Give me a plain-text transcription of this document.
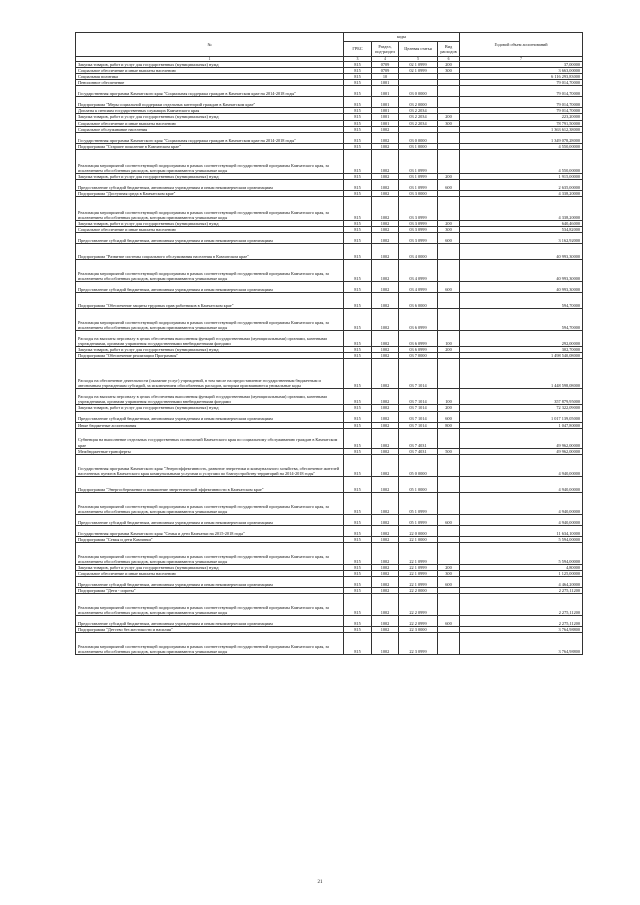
№	коды				Годовой объем ассигнований
	ГРБС	Раздел, под-раздел	Целевая статья	Вид расходов	
1	3	4	5	6	7
Закупка товаров, работ и услуг для государственных (муниципальных) нужд	815	0709	02 1 0999	200	37,00000
Социальное обеспечение и иные выплаты населению	815	0709	02 1 0999	300	3 663,00000
Социальная политика	815	10			6 116 293,83000
Пенсионное обеспечение	815	1001			79 014,70000
Государственная программа Камчатского края "Социальная поддержка граждан в Камчатском крае на 2014-2018 годы"	815	1001	03 0 0000		79 014,70000
Подпрограмма "Меры социальной поддержки отдельных категорий граждан в Камчатском крае"	815	1001	03 2 0000		79 014,70000
Доплаты к пенсиям государственных служащих Камчатского края	815	1001	03 2 2034		79 014,70000
Закупка товаров, работ и услуг для государственных (муниципальных) нужд	815	1001	03 2 2034	200	223,20000
Социальное обеспечение и иные выплаты населению	815	1001	03 2 2034	300	78 791,50000
Социальное обслуживание населения	815	1002			1 363 612,38000
Государственная программа Камчатского края "Социальная поддержка граждан в Камчатском крае на 2014-2018 годы"	815	1002	03 0 0000		1 349 078,28000
Подпрограмма "Старшее поколение в Камчатском крае"	815	1002	03 1 0000		4 550,00000
Реализация мероприятий соответствующей подпрограммы в рамках соответствующей государственной программы Камчатского края, за исключением обособленных расходов, которым присваиваются уникальные коды	815	1002	03 1 0999		4 550,00000
Закупка товаров, работ и услуг для государственных (муниципальных) нужд	815	1002	03 1 0999	200	1 915,00000
Предоставление субсидий бюджетным, автономным учреждениям и иным некоммерческим организациям	815	1002	03 1 0999	600	2 635,00000
Подпрограмма "Доступная среда в Камчатском крае"	815	1002	03 3 0000		4 338,20000
Реализация мероприятий соответствующей подпрограммы в рамках соответствующей государственной программы Камчатского края, за исключением обособленных расходов, которым присваиваются уникальные коды	815	1002	03 3 0999		4 338,20000
Закупка товаров, работ и услуг для государственных (муниципальных) нужд	815	1002	03 3 0999	200	640,46000
Социальное обеспечение и иные выплаты населению	815	1002	03 3 0999	300	534,82000
Предоставление субсидий бюджетным, автономным учреждениям и иным некоммерческим организациям	815	1002	03 3 0999	600	3 162,92000
Подпрограмма "Развитие системы социального обслуживания населения в Камчатском крае"	815	1002	03 4 0000		40 993,30000
Реализация мероприятий соответствующей подпрограммы в рамках соответствующей государственной программы Камчатского края, за исключением обособленных расходов, которым присваиваются уникальные коды	815	1002	03 4 0999		40 993,30000
Предоставление субсидий бюджетным, автономным учреждениям и иным некоммерческим организациям	815	1002	03 4 0999	600	40 993,30000
Подпрограмма "Обеспечение защиты трудовых прав работников в Камчатском крае"	815	1002	03 6 0000		594,70000
Реализация мероприятий соответствующей подпрограммы в рамках соответствующей государственной программы Камчатского края, за исключением обособленных расходов, которым присваиваются уникальные коды	815	1002	03 6 0999		594,70000
Расходы на выплаты персоналу в целях обеспечения выполнения функций государственными (муниципальными) органами, казенными учреждениями, органами управления государственными внебюджетными фондами	815	1002	03 6 0999	100	292,00000
Закупка товаров, работ и услуг для государственных (муниципальных) нужд	815	1002	03 6 0999	200	302,70000
Подпрограмма "Обеспечение реализации Программы"	815	1002	03 7 0000		1 498 540,08000
Расходы на обеспечение деятельности (оказание услуг) учреждений, в том числе на предоставление государственным бюджетным и автономным учреждениям субсидий, за исключением обособленных расходов, которым присваиваются уникальные коды	815	1002	03 7 1014		1 448 598,08000
Расходы на выплаты персоналу в целях обеспечения выполнения функций государственными (муниципальными) органами, казенными учреждениями, органами управления государственными внебюджетными фондами	815	1002	03 7 1014	100	357 879,95000
Закупка товаров, работ и услуг для государственных (муниципальных) нужд	815	1002	03 7 1014	200	72 322,09000
Предоставление субсидий бюджетным, автономным учреждениям и иным некоммерческим организациям	815	1002	03 7 1014	600	1 017 139,05000
Иные бюджетные ассигнования	815	1002	03 7 1014	800	1 047,80000
Субвенция на выполнение отдельных государственных полномочий Камчатского края по социальному обслуживанию граждан в Камчатском крае	815	1002	03 7 4031		49 962,00000
Межбюджетные трансферты	815	1002	03 7 4031	500	49 962,00000
Государственная программа Камчатского края "Энергоэффективность, развитие энергетики и коммунального хозяйства, обеспечение жителей населенных пунктов Камчатского края коммунальными услугами и услугами по благоустройству территорий на 2014-2018 годы"	815	1002	05 0 0000		4 940,00000
Подпрограмма "Энергосбережение и повышение энергетической эффективности в Камчатском крае"	815	1002	05 1 0000		4 940,00000
Реализация мероприятий соответствующей подпрограммы в рамках соответствующей государственной программы Камчатского края, за исключением обособленных расходов, которым присваиваются уникальные коды	815	1002	05 1 0999		4 940,00000
Предоставление субсидий бюджетным, автономным учреждениям и иным некоммерческим организациям	815	1002	05 1 0999	600	4 940,00000
Государственная программа Камчатского края "Семья и дети Камчатки на 2015-2018 годы"	815	1002	22 0 0000		11 634,10000
Подпрограмма "Семья и дети Камчатки"	815	1002	22 1 0000		5 594,00000
Реализация мероприятий соответствующей подпрограммы в рамках соответствующей государственной программы Камчатского края, за исключением обособленных расходов, которым присваиваются уникальные коды	815	1002	22 1 0999		5 594,00000
Закупка товаров, работ и услуг для государственных (муниципальных) нужд	815	1002	22 1 0999	200	4,80000
Социальное обеспечение и иные выплаты населению	815	1002	22 1 0999	300	1 125,00000
Предоставление субсидий бюджетным, автономным учреждениям и иным некоммерческим организациям	815	1002	22 1 0999	600	4 464,20000
Подпрограмма "Дети - сироты"	815	1002	22 2 0000		2 275,11200
Реализация мероприятий соответствующей подпрограммы в рамках соответствующей государственной программы Камчатского края, за исключением обособленных расходов, которым присваиваются уникальные коды	815	1002	22 2 0999		2 275,11200
Предоставление субсидий бюджетным, автономным учреждениям и иным некоммерческим организациям	815	1002	22 2 0999	600	2 275,11200
Подпрограмма "Детство без жестокости и насилия"	815	1002	22 3 0000		3 764,98800
Реализация мероприятий соответствующей подпрограммы в рамках соответствующей государственной программы Камчатского края, за исключением обособленных расходов, которым присваиваются уникальные коды	815	1002	22 3 0999		3 764,98800
21
